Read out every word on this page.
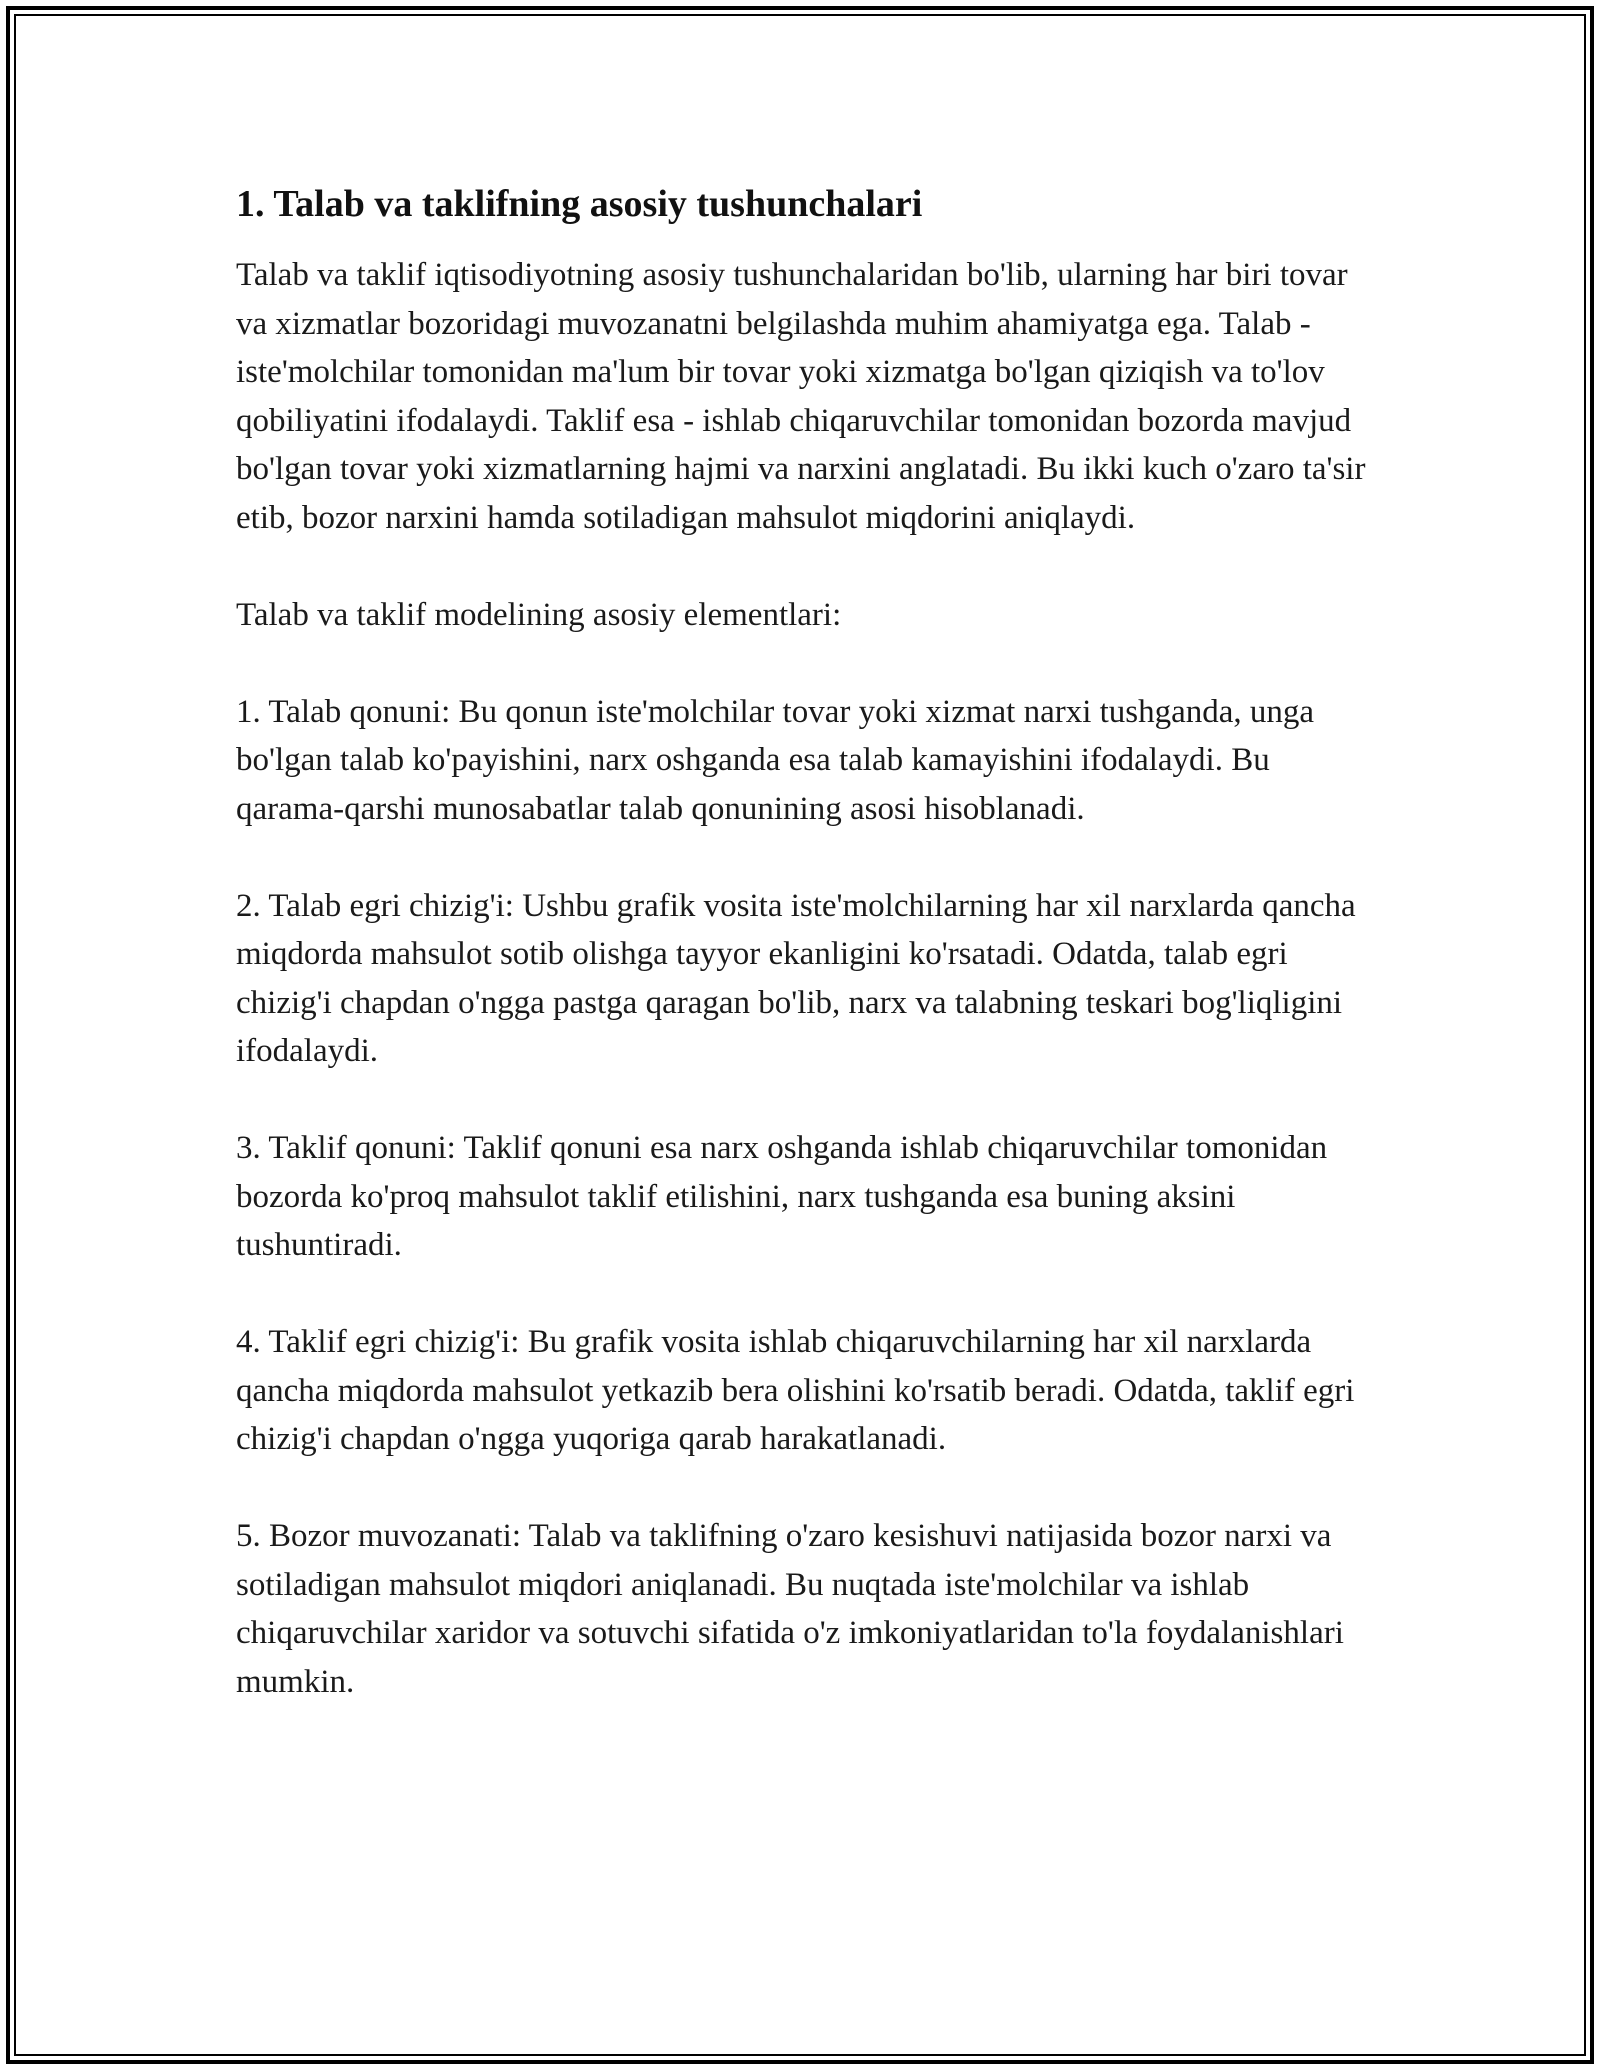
1. Talab va taklifning asosiy tushunchalari

Talab va taklif iqtisodiyotning asosiy tushunchalaridan bo'lib, ularning har biri tovar va xizmatlar bozoridagi muvozanatni belgilashda muhim ahamiyatga ega. Talab - iste'molchilar tomonidan ma'lum bir tovar yoki xizmatga bo'lgan qiziqish va to'lov qobiliyatini ifodalaydi. Taklif esa - ishlab chiqaruvchilar tomonidan bozorda mavjud bo'lgan tovar yoki xizmatlarning hajmi va narxini anglatadi. Bu ikki kuch o'zaro ta'sir etib, bozor narxini hamda sotiladigan mahsulot miqdorini aniqlaydi.

Talab va taklif modelining asosiy elementlari:

1. Talab qonuni: Bu qonun iste'molchilar tovar yoki xizmat narxi tushganda, unga bo'lgan talab ko'payishini, narx oshganda esa talab kamayishini ifodalaydi. Bu qarama-qarshi munosabatlar talab qonunining asosi hisoblanadi.

2. Talab egri chizig'i: Ushbu grafik vosita iste'molchilarning har xil narxlarda qancha miqdorda mahsulot sotib olishga tayyor ekanligini ko'rsatadi. Odatda, talab egri chizig'i chapdan o'ngga pastga qaragan bo'lib, narx va talabning teskari bog'liqligini ifodalaydi.

3. Taklif qonuni: Taklif qonuni esa narx oshganda ishlab chiqaruvchilar tomonidan bozorda ko'proq mahsulot taklif etilishini, narx tushganda esa buning aksini tushuntiradi.

4. Taklif egri chizig'i: Bu grafik vosita ishlab chiqaruvchilarning har xil narxlarda qancha miqdorda mahsulot yetkazib bera olishini ko'rsatib beradi. Odatda, taklif egri chizig'i chapdan o'ngga yuqoriga qarab harakatlanadi.

5. Bozor muvozanati: Talab va taklifning o'zaro kesishuvi natijasida bozor narxi va sotiladigan mahsulot miqdori aniqlanadi. Bu nuqtada iste'molchilar va ishlab chiqaruvchilar xaridor va sotuvchi sifatida o'z imkoniyatlaridan to'la foydalanishlari mumkin.
